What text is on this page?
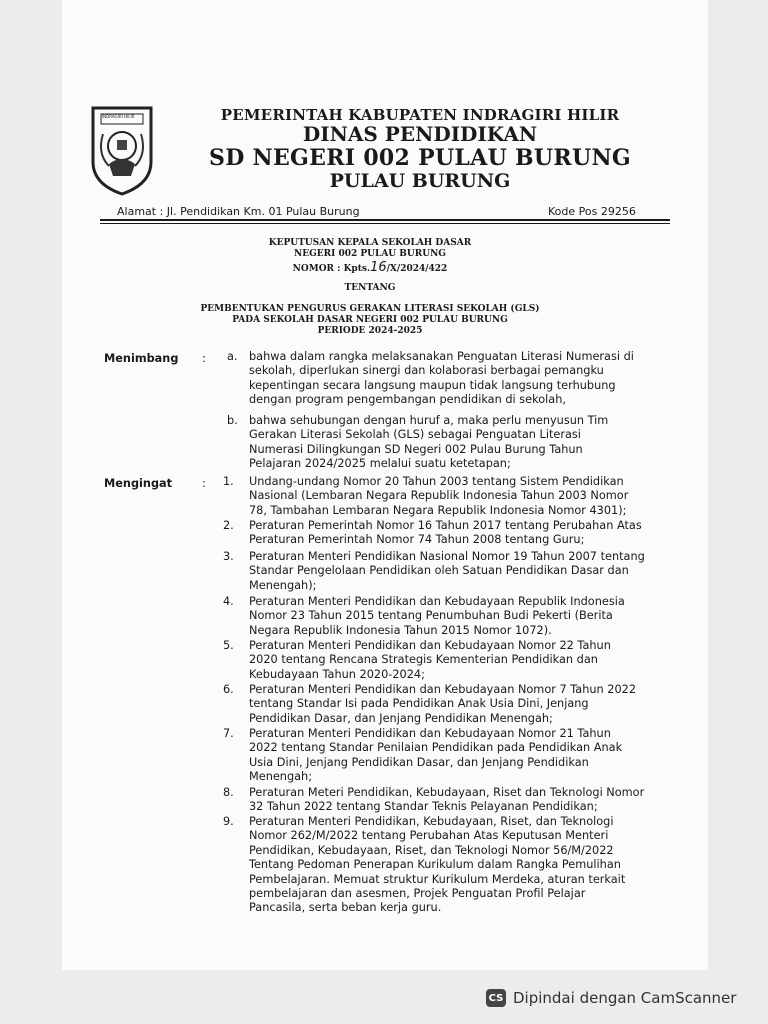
INDRAGIRI HILIR	PEMERINTAH KABUPATEN INDRAGIRI HILIR
DINAS PENDIDIKAN
SD NEGERI 002 PULAU BURUNG
PULAU BURUNG
Alamat : Jl. Pendidikan Km. 01 Pulau Burung	Kode Pos 29256
KEPUTUSAN KEPALA SEKOLAH DASAR
NEGERI 002 PULAU BURUNG
NOMOR : Kpts.16/X/2024/422
TENTANG
PEMBENTUKAN PENGURUS GERAKAN LITERASI SEKOLAH (GLS)
PADA SEKOLAH DASAR NEGERI 002 PULAU BURUNG
PERIODE 2024-2025
Menimbang : a. bahwa dalam rangka melaksanakan Penguatan Literasi Numerasi di
sekolah, diperlukan sinergi dan kolaborasi berbagai pemangku
kepentingan secara langsung maupun tidak langsung terhubung
dengan program pengembangan pendidikan di sekolah,
b. bahwa sehubungan dengan huruf a, maka perlu menyusun Tim
Gerakan Literasi Sekolah (GLS) sebagai Penguatan Literasi
Numerasi Dilingkungan SD Negeri 002 Pulau Burung Tahun
Pelajaran 2024/2025 melalui suatu ketetapan;
Mengingat	: 1. Undang-undang Nomor 20 Tahun 2003 tentang Sistem Pendidikan
Nasional (Lembaran Negara Republik Indonesia Tahun 2003 Nomor
78, Tambahan Lembaran Negara Republik Indonesia Nomor 4301);
2. Peraturan Pemerintah Nomor 16 Tahun 2017 tentang Perubahan Atas
Peraturan Pemerintah Nomor 74 Tahun 2008 tentang Guru;
3. Peraturan Menteri Pendidikan Nasional Nomor 19 Tahun 2007 tentang
Standar Pengelolaan Pendidikan oleh Satuan Pendidikan Dasar dan
Menengah);
4. Peraturan Menteri Pendidikan dan Kebudayaan Republik Indonesia
Nomor 23 Tahun 2015 tentang Penumbuhan Budi Pekerti (Berita
Negara Republik Indonesia Tahun 2015 Nomor 1072).
5. Peraturan Menteri Pendidikan dan Kebudayaan Nomor 22 Tahun
2020 tentang Rencana Strategis Kementerian Pendidikan dan
Kebudayaan Tahun 2020-2024;
6. Peraturan Menteri Pendidikan dan Kebudayaan Nomor 7 Tahun 2022
tentang Standar Isi pada Pendidikan Anak Usia Dini, Jenjang
Pendidikan Dasar, dan Jenjang Pendidikan Menengah;
7. Peraturan Menteri Pendidikan dan Kebudayaan Nomor 21 Tahun
2022 tentang Standar Penilaian Pendidikan pada Pendidikan Anak
Usia Dini, Jenjang Pendidikan Dasar, dan Jenjang Pendidikan
Menengah;
8. Peraturan Meteri Pendidikan, Kebudayaan, Riset dan Teknologi Nomor
32 Tahun 2022 tentang Standar Teknis Pelayanan Pendidikan;
9. Peraturan Menteri Pendidikan, Kebudayaan, Riset, dan Teknologi
Nomor 262/M/2022 tentang Perubahan Atas Keputusan Menteri
Pendidikan, Kebudayaan, Riset, dan Teknologi Nomor 56/M/2022
Tentang Pedoman Penerapan Kurikulum dalam Rangka Pemulihan
Pembelajaran. Memuat struktur Kurikulum Merdeka, aturan terkait
pembelajaran dan asesmen, Projek Penguatan Profil Pelajar
Pancasila, serta beban kerja guru.
CS Dipindai dengan CamScanner
